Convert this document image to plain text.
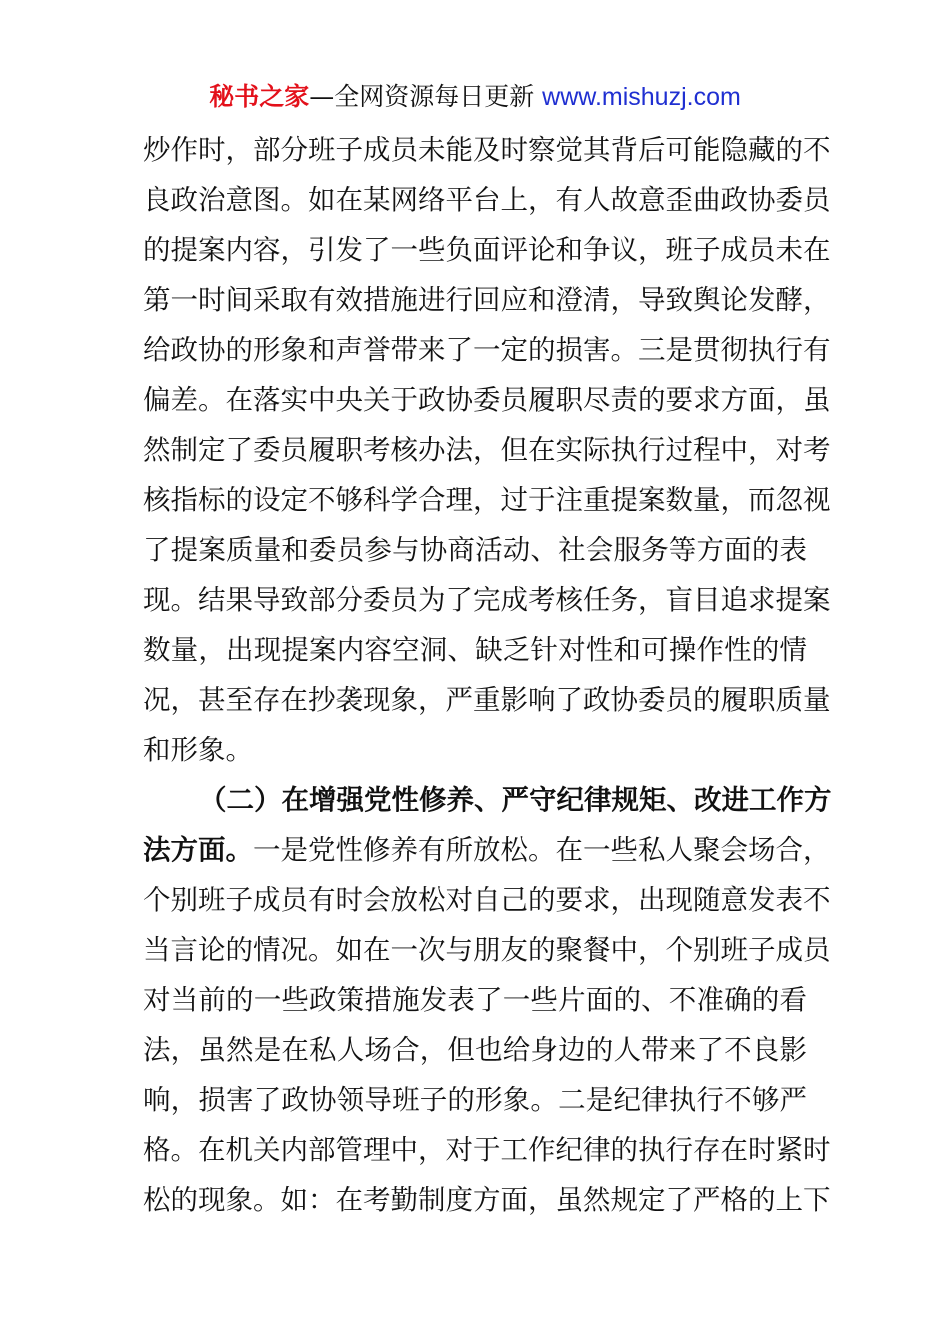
秘书之家—全网资源每日更新 www.mishuzj.com
炒作时，部分班子成员未能及时察觉其背后可能隐藏的不
良政治意图。如在某网络平台上，有人故意歪曲政协委员
的提案内容，引发了一些负面评论和争议，班子成员未在
第一时间采取有效措施进行回应和澄清，导致舆论发酵，
给政协的形象和声誉带来了一定的损害。三是贯彻执行有
偏差。在落实中央关于政协委员履职尽责的要求方面，虽
然制定了委员履职考核办法，但在实际执行过程中，对考
核指标的设定不够科学合理，过于注重提案数量，而忽视
了提案质量和委员参与协商活动、社会服务等方面的表
现。结果导致部分委员为了完成考核任务，盲目追求提案
数量，出现提案内容空洞、缺乏针对性和可操作性的情
况，甚至存在抄袭现象，严重影响了政协委员的履职质量
和形象。
（二）在增强党性修养、严守纪律规矩、改进工作方
法方面。一是党性修养有所放松。在一些私人聚会场合，
个别班子成员有时会放松对自己的要求，出现随意发表不
当言论的情况。如在一次与朋友的聚餐中，个别班子成员
对当前的一些政策措施发表了一些片面的、不准确的看
法，虽然是在私人场合，但也给身边的人带来了不良影
响，损害了政协领导班子的形象。二是纪律执行不够严
格。在机关内部管理中，对于工作纪律的执行存在时紧时
松的现象。如：在考勤制度方面，虽然规定了严格的上下
